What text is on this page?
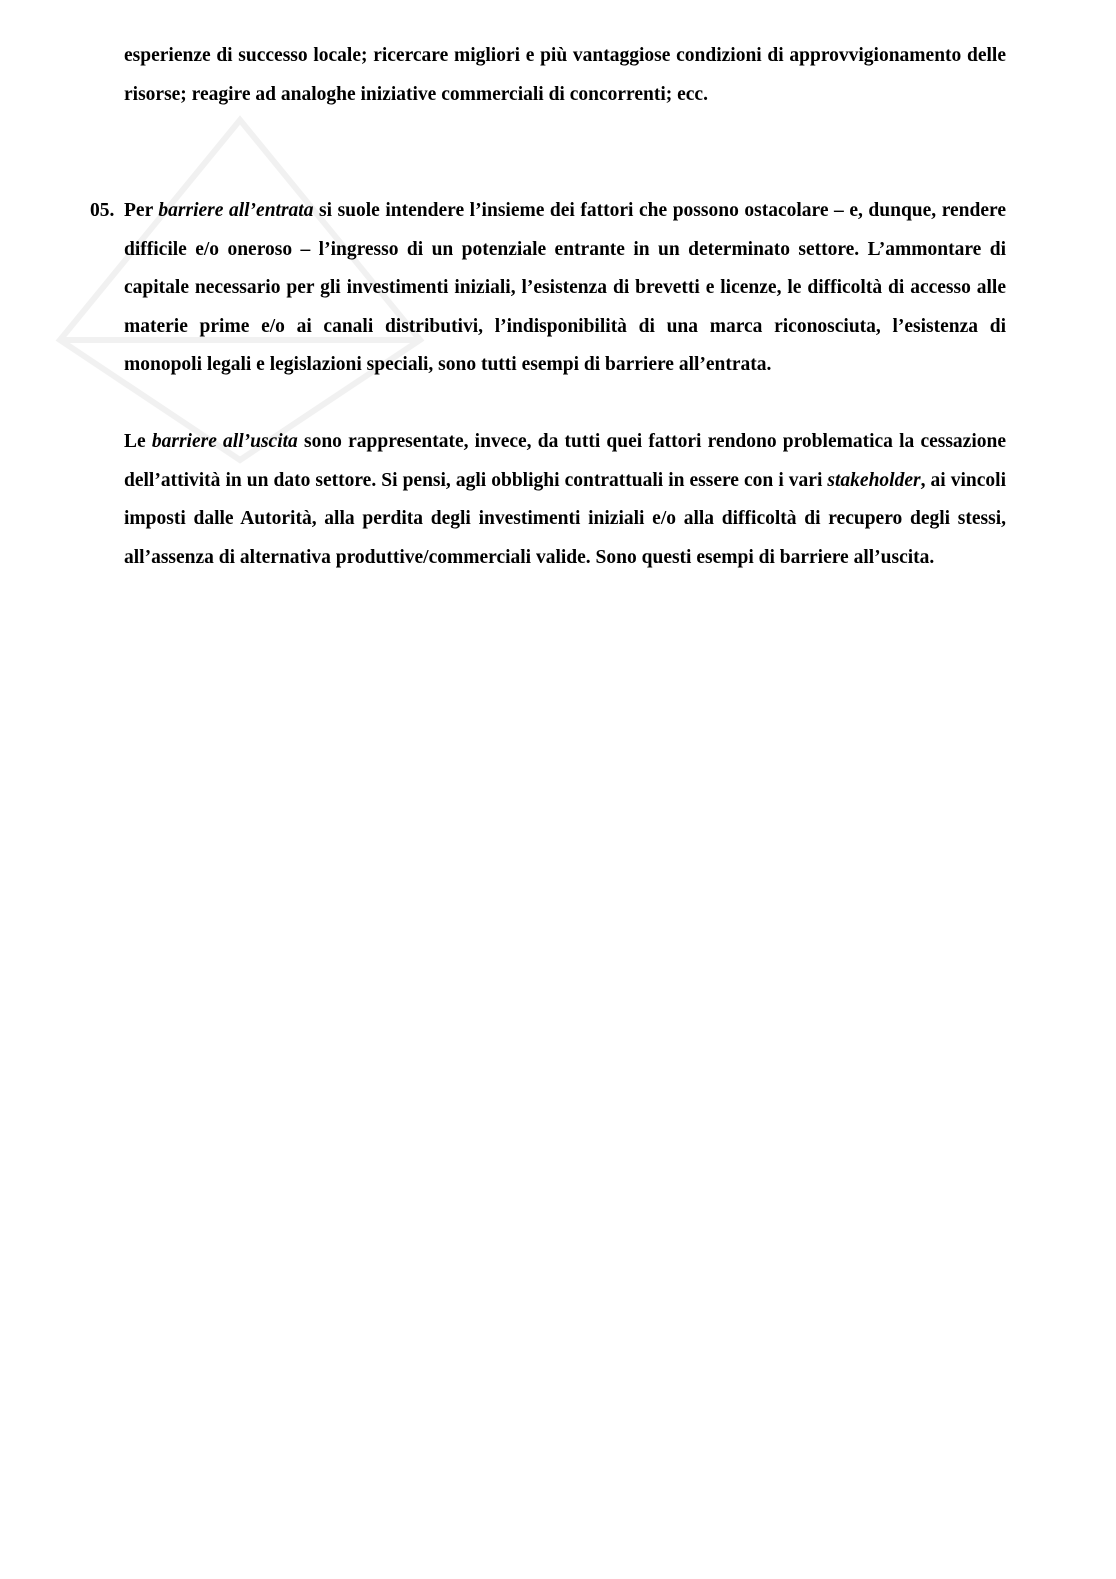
esperienze di successo locale; ricercare migliori e più vantaggiose condizioni di approvvigionamento delle risorse; reagire ad analoghe iniziative commerciali di concorrenti; ecc.

05. Per barriere all’entrata si suole intendere l’insieme dei fattori che possono ostacolare – e, dunque, rendere difficile e/o oneroso – l’ingresso di un potenziale entrante in un determinato settore. L’ammontare di capitale necessario per gli investimenti iniziali, l’esistenza di brevetti e licenze, le difficoltà di accesso alle materie prime e/o ai canali distributivi, l’indisponibilità di una marca riconosciuta, l’esistenza di monopoli legali e legislazioni speciali, sono tutti esempi di barriere all’entrata.

Le barriere all’uscita sono rappresentate, invece, da tutti quei fattori rendono problematica la cessazione dell’attività in un dato settore. Si pensi, agli obblighi contrattuali in essere con i vari stakeholder, ai vincoli imposti dalle Autorità, alla perdita degli investimenti iniziali e/o alla difficoltà di recupero degli stessi, all’assenza di alternativa produttive/commerciali valide. Sono questi esempi di barriere all’uscita.
